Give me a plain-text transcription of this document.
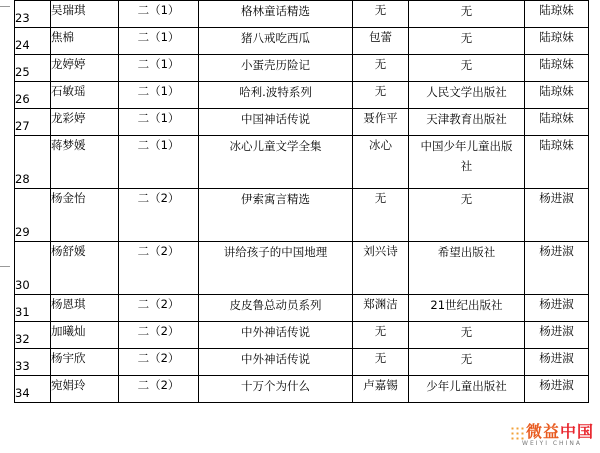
23	吴瑞琪	二（1）	格林童话精选	无	无	陆琼妹
24	焦棉	二（1）	猪八戒吃西瓜	包蕾	无	陆琼妹
25	龙婷婷	二（1）	小蛋壳历险记	无	无	陆琼妹
26	石敏瑶	二（1）	哈利.波特系列	无	人民文学出版社	陆琼妹
27	龙彩婷	二（1）	中国神话传说	聂作平	天津教育出版社	陆琼妹
28	蒋梦媛	二（1）	冰心儿童文学全集	冰心	中国少年儿童出版社	陆琼妹
29	杨金怡	二（2）	伊索寓言精选	无	无	杨进淑
30	杨舒媛	二（2）	讲给孩子的中国地理	刘兴诗	希望出版社	杨进淑
31	杨恩琪	二（2）	皮皮鲁总动员系列	郑渊洁	21世纪出版社	杨进淑
32	加曦灿	二（2）	中外神话传说	无	无	杨进淑
33	杨宇欣	二（2）	中外神话传说	无	无	杨进淑
34	宛娟玲	二（2）	十万个为什么	卢嘉锡	少年儿童出版社	杨进淑
微益中国
WEIYI CHINA
